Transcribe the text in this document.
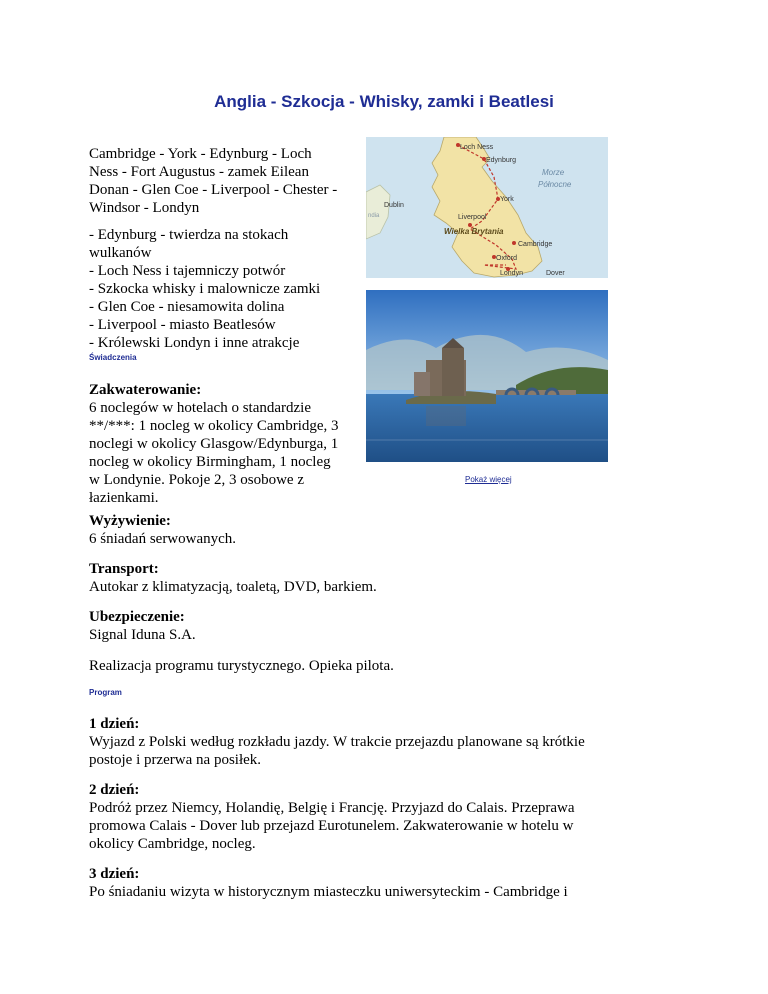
Anglia - Szkocja - Whisky, zamki i Beatlesi
Cambridge - York - Edynburg - Loch
Ness - Fort Augustus - zamek Eilean
Donan - Glen Coe - Liverpool - Chester -
Windsor - Londyn
- Edynburg - twierdza na stokach
wulkanów
- Loch Ness i tajemniczy potwór
- Szkocka whisky i malownicze zamki
- Glen Coe - niesamowita dolina
- Liverpool - miasto Beatlesów
- Królewski Londyn i inne atrakcje
Świadczenia
Zakwaterowanie:
6 noclegów w hotelach o standardzie
**/***: 1 nocleg w okolicy Cambridge, 3
noclegi w okolicy Glasgow/Edynburga, 1
nocleg w okolicy Birmingham, 1 nocleg
w Londynie. Pokoje 2, 3 osobowe z
łazienkami.
Loch Ness
Edynburg
Morze
Północne
Dublin
ndia
York
Liverpool
Wielka Brytania
Cambridge
Oxford
Londyn	Dover
Pokaż więcej
Wyżywienie:
6 śniadań serwowanych.
Transport:
Autokar z klimatyzacją, toaletą, DVD, barkiem.
Ubezpieczenie:
Signal Iduna S.A.
Realizacja programu turystycznego. Opieka pilota.
Program
1 dzień:
Wyjazd z Polski według rozkładu jazdy. W trakcie przejazdu planowane są krótkie
postoje i przerwa na posiłek.
2 dzień:
Podróż przez Niemcy, Holandię, Belgię i Francję. Przyjazd do Calais. Przeprawa
promowa Calais - Dover lub przejazd Eurotunelem. Zakwaterowanie w hotelu w
okolicy Cambridge, nocleg.
3 dzień:
Po śniadaniu wizyta w historycznym miasteczku uniwersyteckim - Cambridge i
